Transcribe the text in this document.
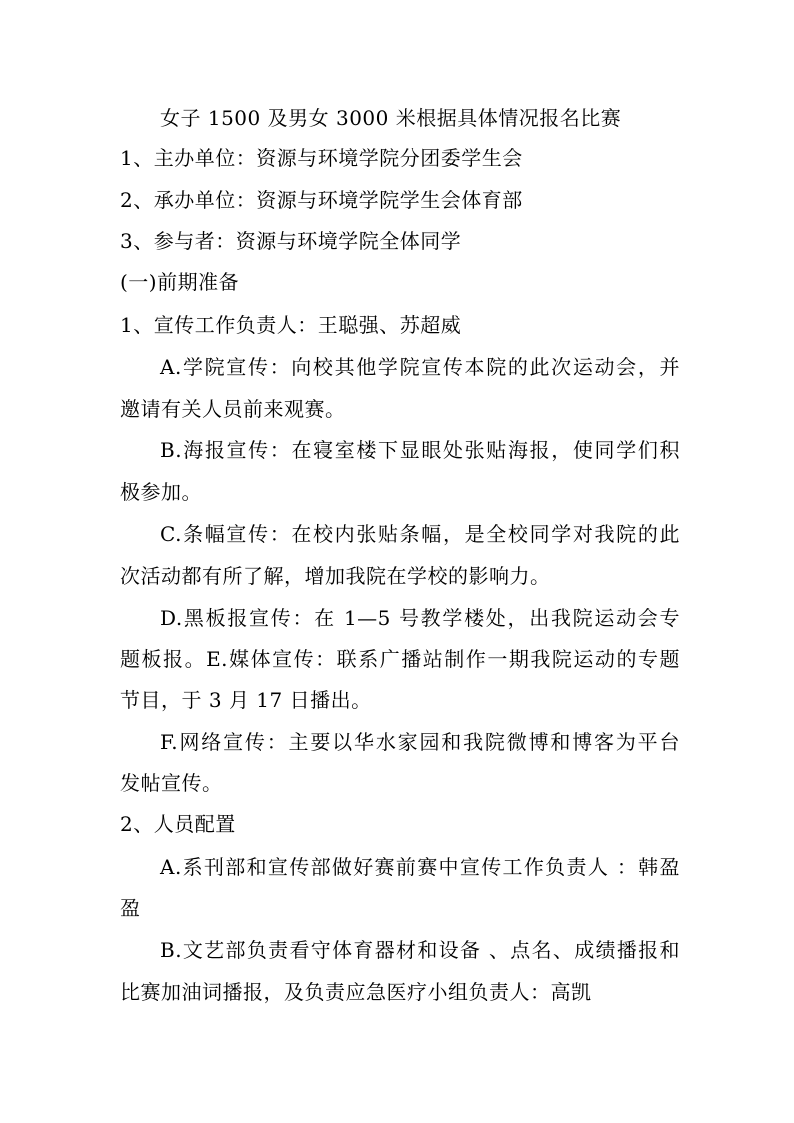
女子 1500 及男女 3000 米根据具体情况报名比赛
1、主办单位：资源与环境学院分团委学生会
2、承办单位：资源与环境学院学生会体育部
3、参与者：资源与环境学院全体同学
(一)前期准备
1、宣传工作负责人：王聪强、苏超威
A.学院宣传：向校其他学院宣传本院的此次运动会，并
邀请有关人员前来观赛。
B.海报宣传：在寝室楼下显眼处张贴海报，使同学们积
极参加。
C.条幅宣传：在校内张贴条幅，是全校同学对我院的此
次活动都有所了解，增加我院在学校的影响力。
D.黑板报宣传：在 1—5 号教学楼处，出我院运动会专
题板报。E.媒体宣传：联系广播站制作一期我院运动的专题
节目，于 3 月 17 日播出。
F.网络宣传：主要以华水家园和我院微博和博客为平台
发帖宣传。
2、人员配置
A.系刊部和宣传部做好赛前赛中宣传工作负责人 ：韩盈
盈
B.文艺部负责看守体育器材和设备 、点名、成绩播报和
比赛加油词播报，及负责应急医疗小组负责人：高凯
